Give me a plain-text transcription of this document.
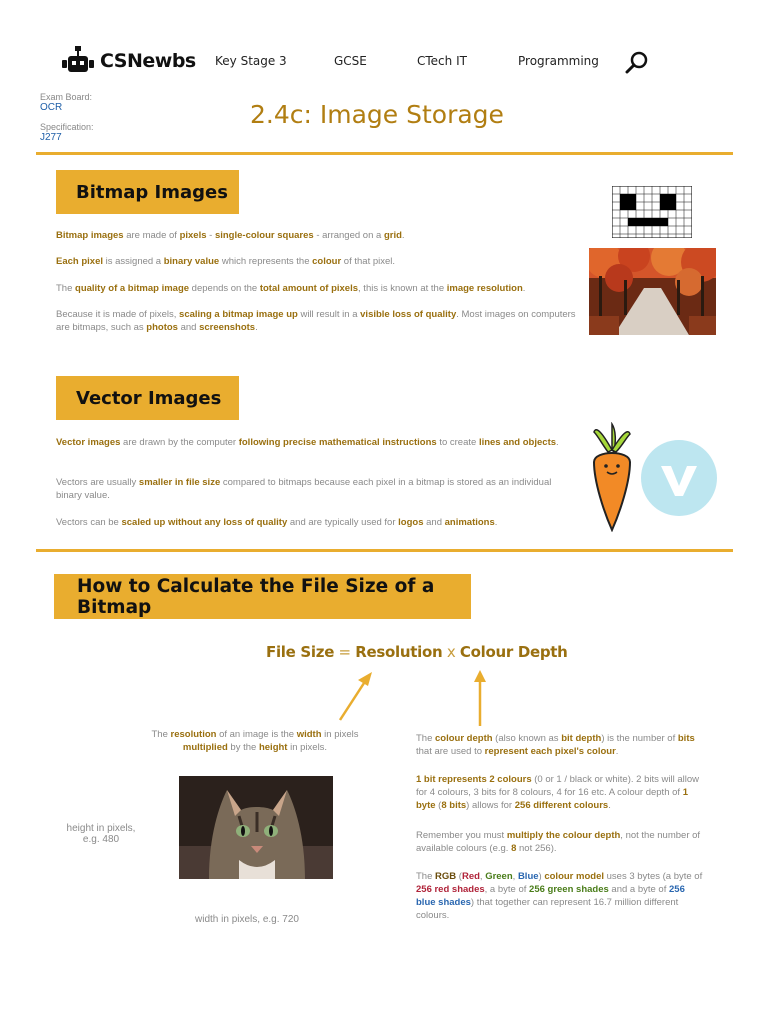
CSNewbs Key Stage 3	GCSE	CTech IT	Programming
Exam Board:
OCR
Specification:
J277
2.4c: Image Storage
Bitmap Images
Bitmap images are made of pixels - single-colour squares - arranged on a grid.
Each pixel is assigned a binary value which represents the colour of that pixel.
The quality of a bitmap image depends on the total amount of pixels, this is known at the image resolution.
Because it is made of pixels, scaling a bitmap image up will result in a visible loss of quality. Most images on computers are bitmaps, such as photos and screenshots.
Vector Images
Vector images are drawn by the computer following precise mathematical instructions to create lines and objects.
Vectors are usually smaller in file size compared to bitmaps because each pixel in a bitmap is stored as an individual binary value.
Vectors can be scaled up without any loss of quality and are typically used for logos and animations.
How to Calculate the File Size of a Bitmap
File Size = Resolution x Colour Depth
The resolution of an image is the width in pixels multiplied by the height in pixels.
height in pixels, e.g. 480
width in pixels, e.g. 720
The colour depth (also known as bit depth) is the number of bits that are used to represent each pixel's colour.
1 bit represents 2 colours (0 or 1 / black or white). 2 bits will allow for 4 colours, 3 bits for 8 colours, 4 for 16 etc. A colour depth of 1 byte (8 bits) allows for 256 different colours.
Remember you must multiply the colour depth, not the number of available colours (e.g. 8 not 256).
The RGB (Red, Green, Blue) colour model uses 3 bytes (a byte of 256 red shades, a byte of 256 green shades and a byte of 256 blue shades) that together can represent 16.7 million different colours.
